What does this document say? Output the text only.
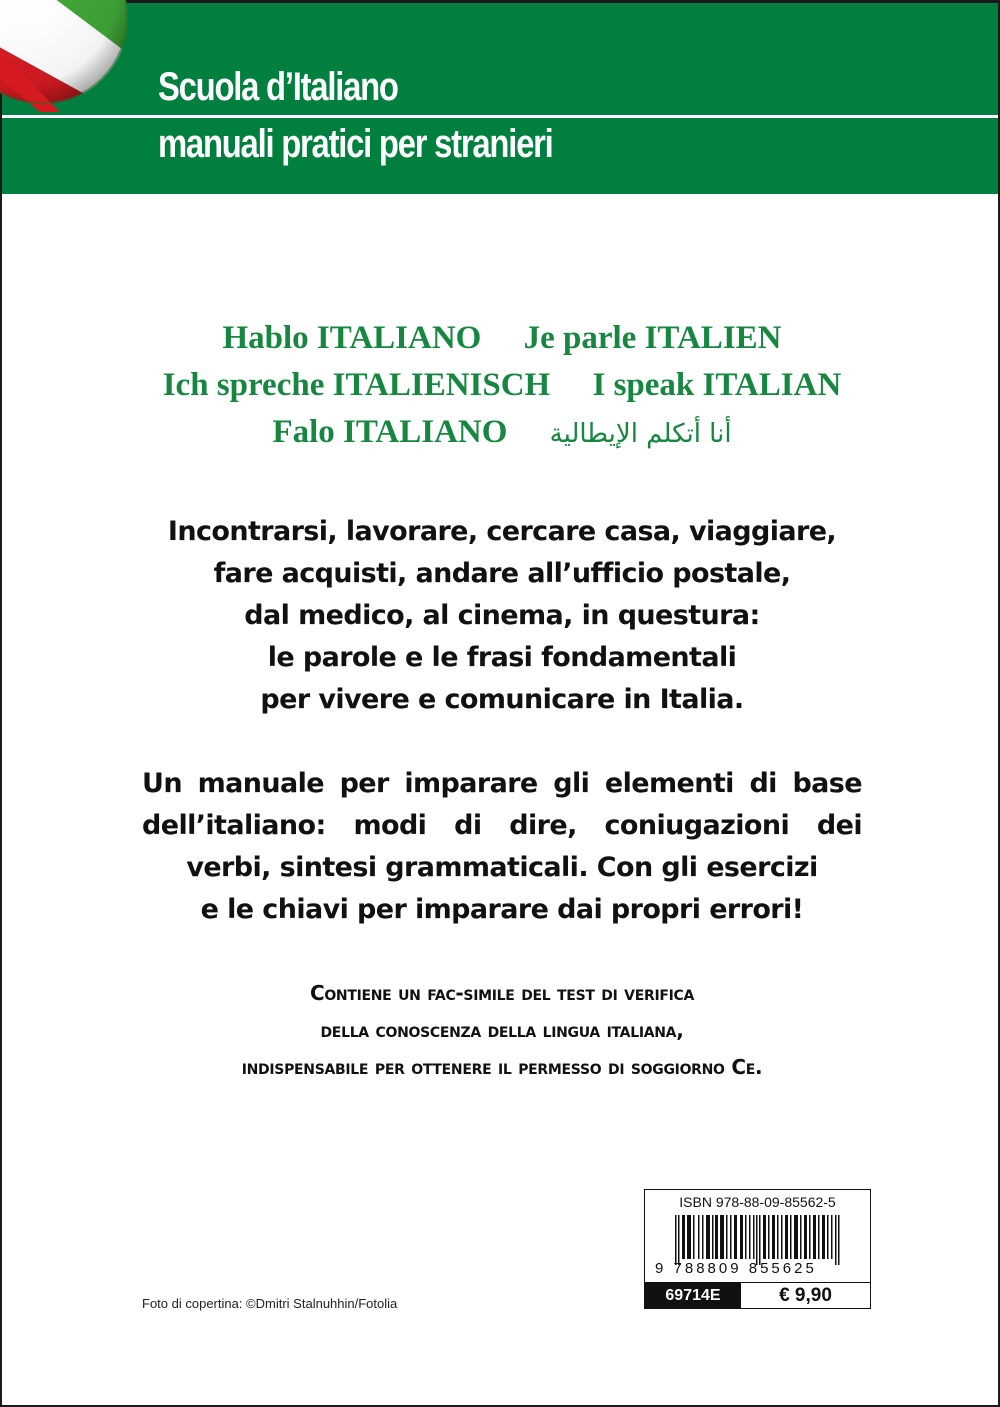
Scuola d’Italiano
manuali pratici per stranieri
Hablo ITALIANO Je parle ITALIEN
Ich spreche ITALIENISCH I speak ITALIAN
Falo ITALIANO أنا أتكلم الإيطالية
Incontrarsi, lavorare, cercare casa, viaggiare,
fare acquisti, andare all’ufficio postale,
dal medico, al cinema, in questura:
le parole e le frasi fondamentali
per vivere e comunicare in Italia.
Un manuale per imparare gli elementi di base
dell’italiano: modi di dire, coniugazioni dei
verbi, sintesi grammaticali. Con gli esercizi
e le chiavi per imparare dai propri errori!
Contiene un fac-simile del test di verifica
della conoscenza della lingua italiana,
indispensabile per ottenere il permesso di soggiorno Ce.
Foto di copertina: ©Dmitri Stalnuhhin/Fotolia
ISBN 978-88-09-85562-5
9 788809 855625
69714E	€ 9,90
